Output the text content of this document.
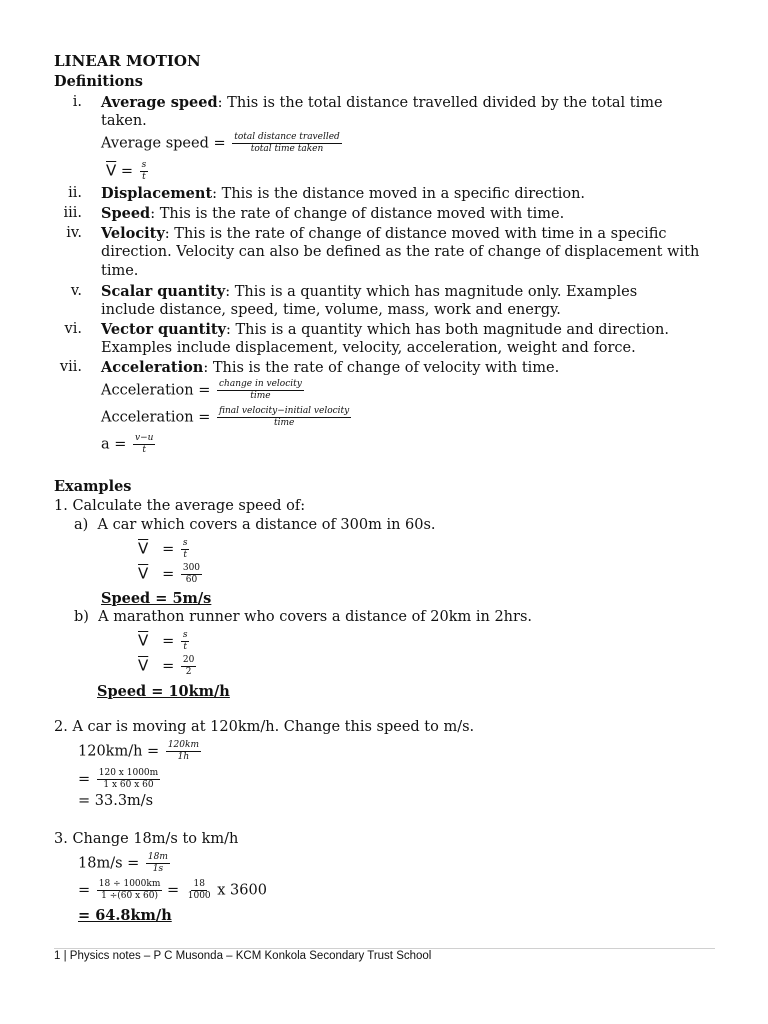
LINEAR MOTION
Definitions
i. Average speed: This is the total distance travelled divided by the total time
taken.
Average speed = $\frac{\text{total distance travelled}}{\text{total time taken}}$
$\overline{V} = \frac{s}{t}$
ii. Displacement: This is the distance moved in a specific direction.
iii. Speed: This is the rate of change of distance moved with time.
iv. Velocity: This is the rate of change of distance moved with time in a specific
direction. Velocity can also be defined as the rate of change of displacement with
time.
v. Scalar quantity: This is a quantity which has magnitude only. Examples
include distance, speed, time, volume, mass, work and energy.
vi. Vector quantity: This is a quantity which has both magnitude and direction.
Examples include displacement, velocity, acceleration, weight and force.
vii. Acceleration: This is the rate of change of velocity with time.
Acceleration = $\frac{\text{change in velocity}}{\text{time}}$
Acceleration = $\frac{\text{final velocity−initial velocity}}{\text{time}}$
$a = \frac{v-u}{t}$
Examples
1. Calculate the average speed of:
a) A car which covers a distance of 300m in 60s.
$\overline{V} = \frac{s}{t}$
$\overline{V} = \frac{300}{60}$
Speed = 5m/s
b) A marathon runner who covers a distance of 20km in 2hrs.
$\overline{V} = \frac{s}{t}$
$\overline{V} = \frac{20}{2}$
Speed = 10km/h
2. A car is moving at 120km/h. Change this speed to m/s.
$120km/h = \frac{120km}{1h}$
= $\frac{120 x 1000m}{1 x 60 x 60}$
= 33.3m/s
3. Change 18m/s to km/h
$18m/s = \frac{18m}{1s}$
= $\frac{18 \div 1000km}{1 \div(60 x 60)} = \frac{18}{1000}$ x 3600
= 64.8km/h
1 | Physics notes – P C Musonda – KCM Konkola Secondary Trust School
